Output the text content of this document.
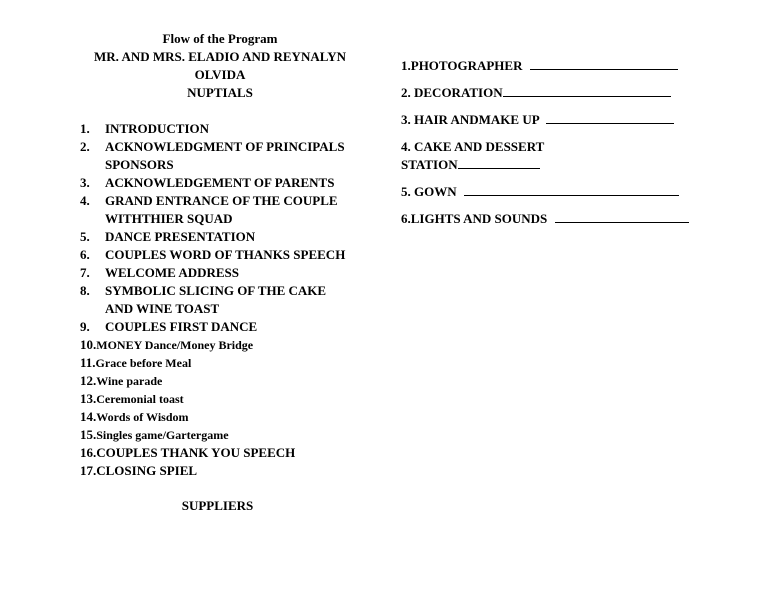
Flow of the Program
MR. AND MRS. ELADIO AND REYNALYN
OLVIDA
NUPTIALS
1.	INTRODUCTION
2.	ACKNOWLEDGMENT OF PRINCIPALS
SPONSORS
3.	ACKNOWLEDGEMENT OF PARENTS
4.	GRAND ENTRANCE OF THE COUPLE
WITHTHIER SQUAD
5.	DANCE PRESENTATION
6.	COUPLES WORD OF THANKS SPEECH
7.	WELCOME ADDRESS
8.	SYMBOLIC SLICING OF THE CAKE
AND WINE TOAST
9.	COUPLES FIRST DANCE
10. MONEY Dance/Money Bridge
11. Grace before Meal
12. Wine parade
13. Ceremonial toast
14. Words of Wisdom
15. Singles game/Gartergame
16. COUPLES THANK YOU SPEECH
17. CLOSING SPIEL
SUPPLIERS
1.PHOTOGRAPHER
2. DECORATION
3. HAIR ANDMAKE UP
4. CAKE AND DESSERT
STATION
5. GOWN
6.LIGHTS AND SOUNDS
